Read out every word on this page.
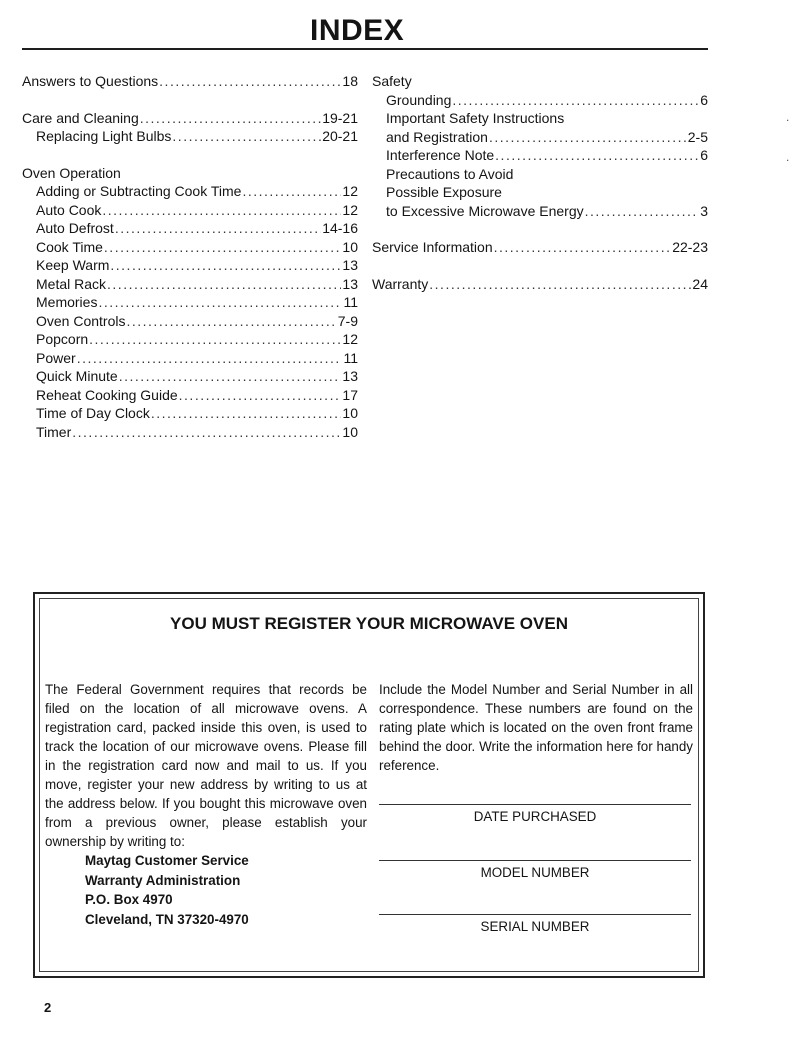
INDEX
Answers to Questions .....	18
Care and Cleaning .....	19-21
Replacing Light Bulbs .....	20-21
Oven Operation
Adding or Subtracting Cook Time .....	12
Auto Cook .....	12
Auto Defrost .....	14-16
Cook Time .....	10
Keep Warm .....	13
Metal Rack .....	13
Memories .....	11
Oven Controls .....	7-9
Popcorn .....	12
Power .....	11
Quick Minute .....	13
Reheat Cooking Guide .....	17
Time of Day Clock .....	10
Timer .....	10
Safety
Grounding .....	6
Important Safety Instructions
and Registration .....	2-5
Interference Note .....	6
Precautions to Avoid
Possible Exposure
to Excessive Microwave Energy .....	3
Service Information .....	22-23
Warranty .....	24
YOU MUST REGISTER YOUR MICROWAVE OVEN
The Federal Government requires that records be filed on the location of all microwave ovens. A registration card, packed inside this oven, is used to track the location of our microwave ovens. Please fill in the registration card now and mail to us. If you move, register your new address by writing to us at the address below. If you bought this microwave oven from a previous owner, please establish your ownership by writing to:
Maytag Customer Service
Warranty Administration
P.O. Box 4970
Cleveland, TN 37320-4970
Include the Model Number and Serial Number in all correspondence. These numbers are found on the rating plate which is located on the oven front frame behind the door. Write the information here for handy reference.
DATE PURCHASED
MODEL NUMBER
SERIAL NUMBER
2
.
.
